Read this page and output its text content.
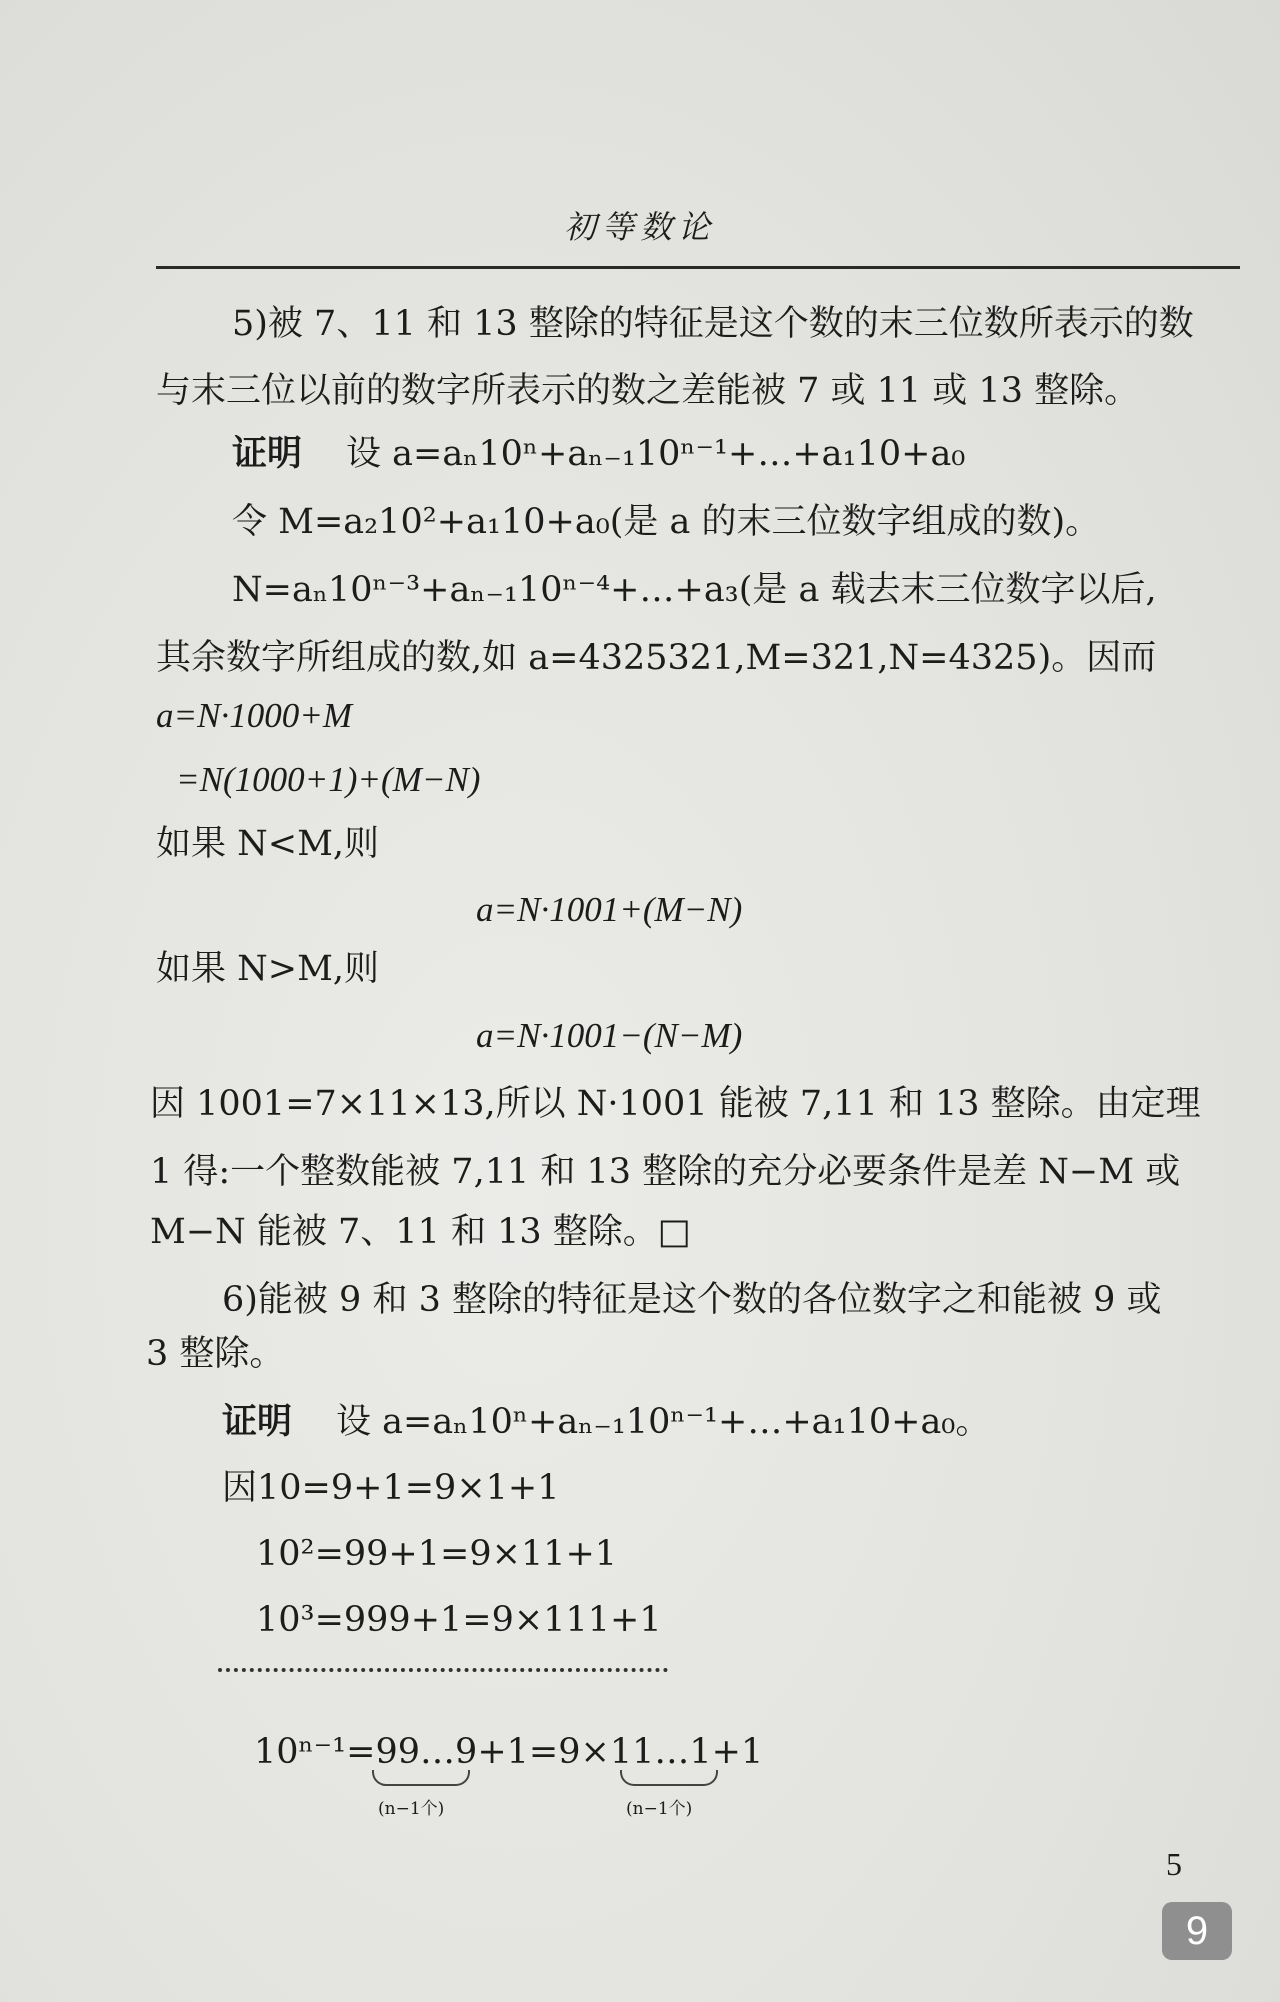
初等数论
5)被 7、11 和 13 整除的特征是这个数的末三位数所表示的数
与末三位以前的数字所表示的数之差能被 7 或 11 或 13 整除。
证明 设 a=aₙ10ⁿ+aₙ₋₁10ⁿ⁻¹+…+a₁10+a₀
令 M=a₂10²+a₁10+a₀(是 a 的末三位数字组成的数)。
N=aₙ10ⁿ⁻³+aₙ₋₁10ⁿ⁻⁴+…+a₃(是 a 载去末三位数字以后,
其余数字所组成的数,如 a=4325321,M=321,N=4325)。因而
a=N·1000+M
=N(1000+1)+(M−N)
如果 N<M,则
a=N·1001+(M−N)
如果 N>M,则
a=N·1001−(N−M)
因 1001=7×11×13,所以 N·1001 能被 7,11 和 13 整除。由定理
1 得:一个整数能被 7,11 和 13 整除的充分必要条件是差 N−M 或
M−N 能被 7、11 和 13 整除。□
6)能被 9 和 3 整除的特征是这个数的各位数字之和能被 9 或
3 整除。
证明 设 a=aₙ10ⁿ+aₙ₋₁10ⁿ⁻¹+…+a₁10+a₀。
因10=9+1=9×1+1
10²=99+1=9×11+1
10³=999+1=9×111+1
10ⁿ⁻¹=99…9+1=9×11…1+1
(n−1个)	(n−1个)
5
9
